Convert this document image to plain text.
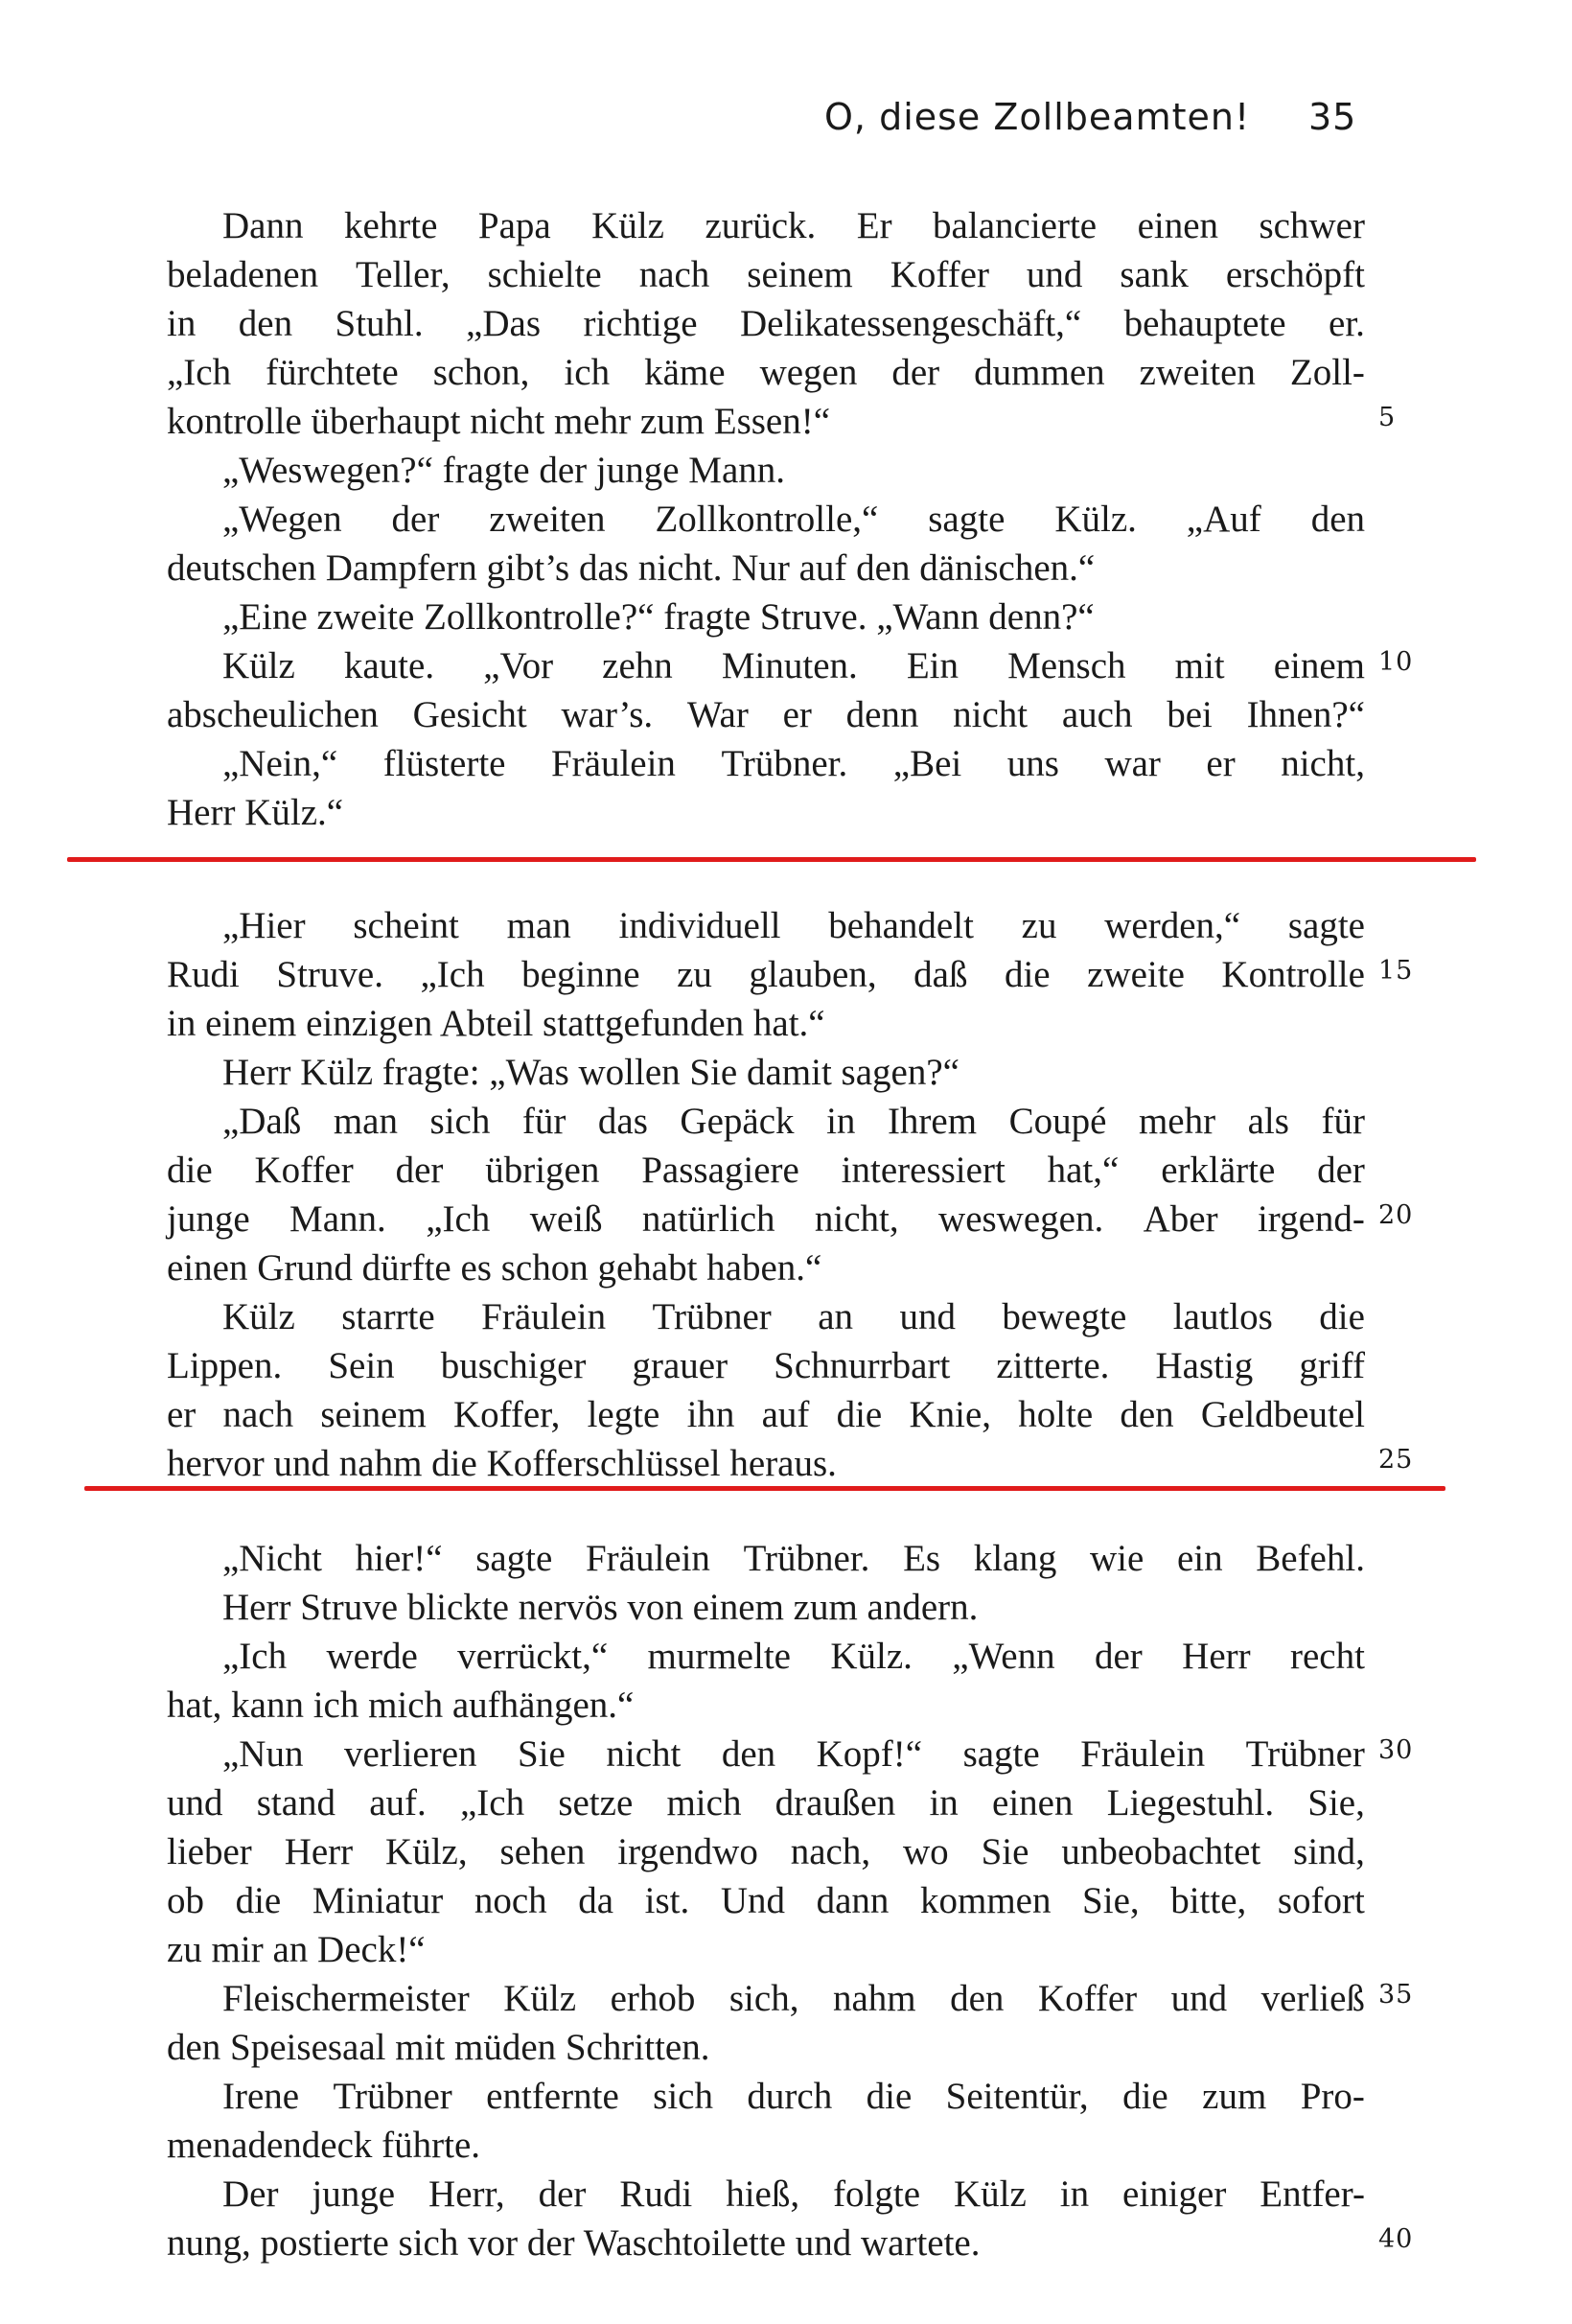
O, diese Zollbeamten! 35
Dann kehrte Papa Külz zurück. Er balancierte einen schwer
beladenen Teller, schielte nach seinem Koffer und sank erschöpft
in den Stuhl. „Das richtige Delikatessengeschäft,“ behauptete er.
„Ich fürchtete schon, ich käme wegen der dummen zweiten Zoll-
kontrolle überhaupt nicht mehr zum Essen!“	5
„Weswegen?“ fragte der junge Mann.
„Wegen der zweiten Zollkontrolle,“ sagte Külz. „Auf den
deutschen Dampfern gibt’s das nicht. Nur auf den dänischen.“
„Eine zweite Zollkontrolle?“ fragte Struve. „Wann denn?“
Külz kaute. „Vor zehn Minuten. Ein Mensch mit einem 10
abscheulichen Gesicht war’s. War er denn nicht auch bei Ihnen?“
„Nein,“ flüsterte Fräulein Trübner. „Bei uns war er nicht,
Herr Külz.“
„Hier scheint man individuell behandelt zu werden,“ sagte
Rudi Struve. „Ich beginne zu glauben, daß die zweite Kontrolle 15
in einem einzigen Abteil stattgefunden hat.“
Herr Külz fragte: „Was wollen Sie damit sagen?“
„Daß man sich für das Gepäck in Ihrem Coupé mehr als für
die Koffer der übrigen Passagiere interessiert hat,“ erklärte der
junge Mann. „Ich weiß natürlich nicht, weswegen. Aber irgend- 20
einen Grund dürfte es schon gehabt haben.“
Külz starrte Fräulein Trübner an und bewegte lautlos die
Lippen. Sein buschiger grauer Schnurrbart zitterte. Hastig griff
er nach seinem Koffer, legte ihn auf die Knie, holte den Geldbeutel
hervor und nahm die Kofferschlüssel heraus.	25
„Nicht hier!“ sagte Fräulein Trübner. Es klang wie ein Befehl.
Herr Struve blickte nervös von einem zum andern.
„Ich werde verrückt,“ murmelte Külz. „Wenn der Herr recht
hat, kann ich mich aufhängen.“
„Nun verlieren Sie nicht den Kopf!“ sagte Fräulein Trübner 30
und stand auf. „Ich setze mich draußen in einen Liegestuhl. Sie,
lieber Herr Külz, sehen irgendwo nach, wo Sie unbeobachtet sind,
ob die Miniatur noch da ist. Und dann kommen Sie, bitte, sofort
zu mir an Deck!“
Fleischermeister Külz erhob sich, nahm den Koffer und verließ 35
den Speisesaal mit müden Schritten.
Irene Trübner entfernte sich durch die Seitentür, die zum Pro-
menadendeck führte.
Der junge Herr, der Rudi hieß, folgte Külz in einiger Entfer-
nung, postierte sich vor der Waschtoilette und wartete.	40
